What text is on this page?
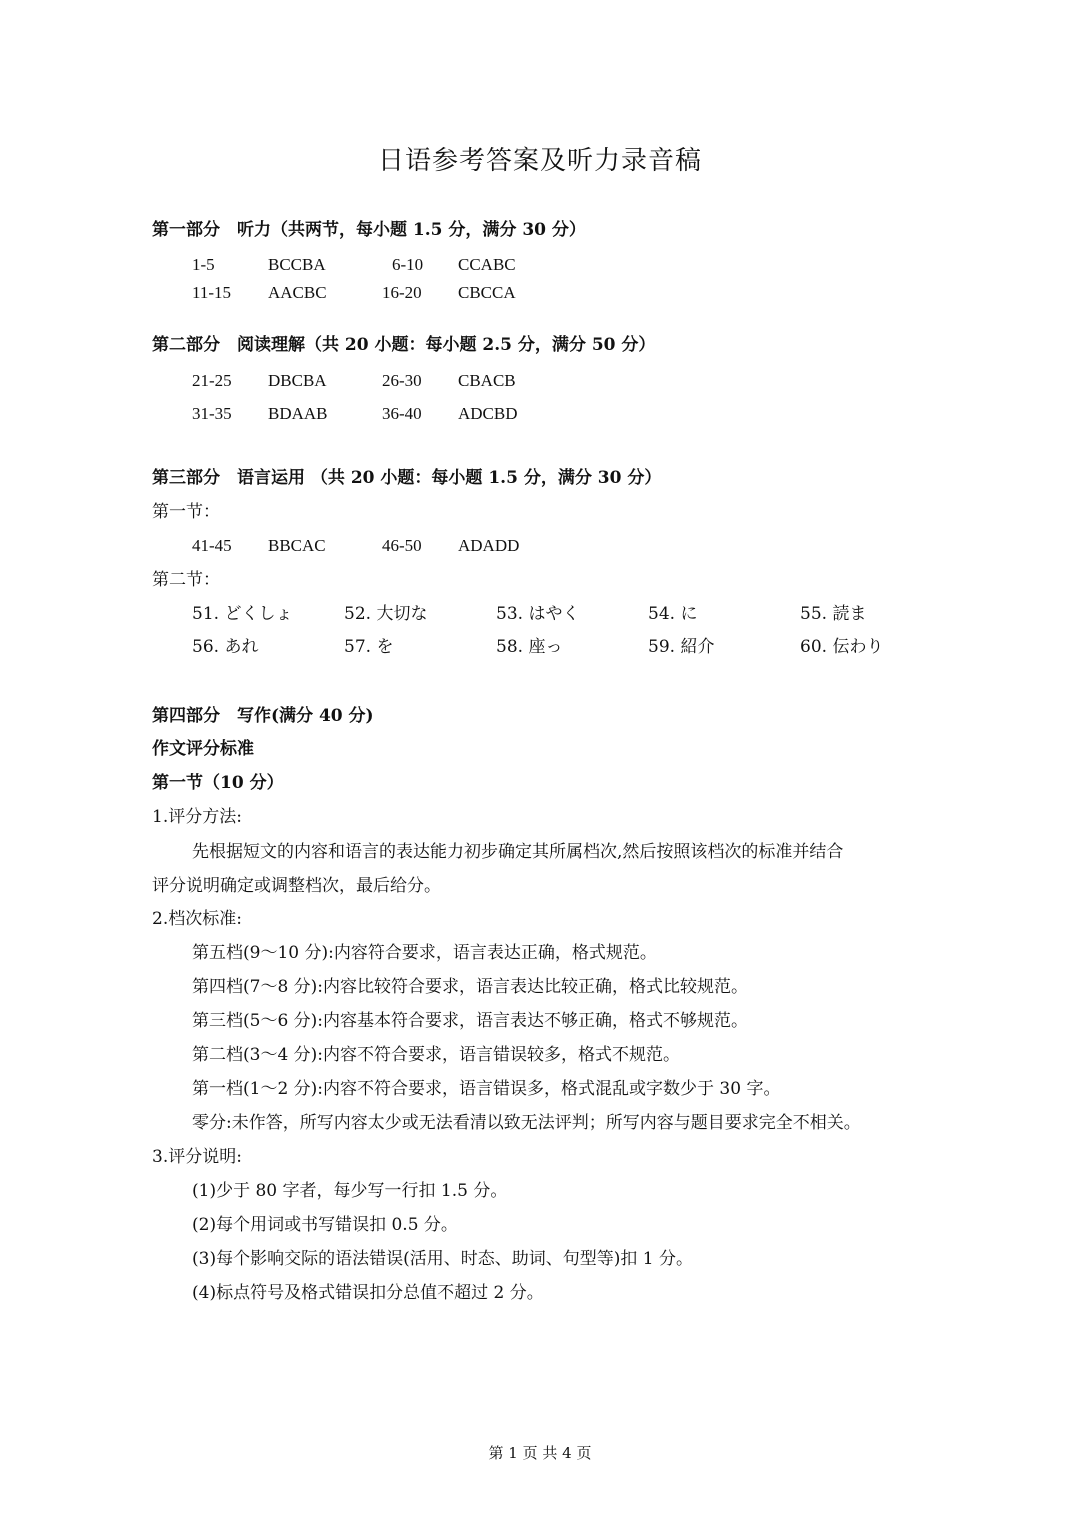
日语参考答案及听力录音稿
第一部分　听力（共两节，每小题 1.5 分，满分 30 分）
1-5	BCCBA	6-10 CCABC
11-15 AACBC	16-20 CBCCA
第二部分　阅读理解（共 20 小题：每小题 2.5 分，满分 50 分）
21-25 DBCBA	26-30 CBACB
31-35 BDAAB	36-40 ADCBD
第三部分　语言运用 （共 20 小题：每小题 1.5 分，满分 30 分）
第一节：
41-45 BBCAC	46-50 ADADD
第二节：
51. どくしょ	52. 大切な	53. はやく	54. に	55. 読ま
56. あれ	57. を	58. 座っ	59. 紹介	60. 伝わり
第四部分　写作(满分 40 分)
作文评分标准
第一节（10 分）
1.评分方法:
先根据短文的内容和语言的表达能力初步确定其所属档次,然后按照该档次的标准并结合
评分说明确定或调整档次，最后给分。
2.档次标准:
第五档(9～10 分):内容符合要求，语言表达正确，格式规范。
第四档(7～8 分):内容比较符合要求，语言表达比较正确，格式比较规范。
第三档(5～6 分):内容基本符合要求，语言表达不够正确，格式不够规范。
第二档(3～4 分):内容不符合要求，语言错误较多，格式不规范。
第一档(1～2 分):内容不符合要求，语言错误多，格式混乱或字数少于 30 字。
零分:未作答，所写内容太少或无法看清以致无法评判；所写内容与题目要求完全不相关。
3.评分说明:
(1)少于 80 字者，每少写一行扣 1.5 分。
(2)每个用词或书写错误扣 0.5 分。
(3)每个影响交际的语法错误(活用、时态、助词、句型等)扣 1 分。
(4)标点符号及格式错误扣分总值不超过 2 分。
第 1 页 共 4 页
